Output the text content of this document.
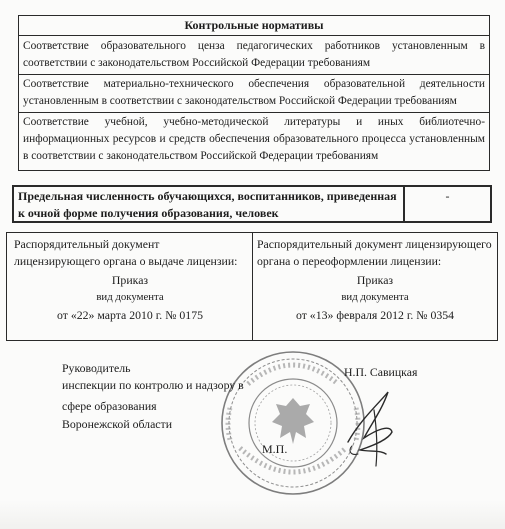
Контрольные нормативы
Соответствие образовательного ценза педагогических работников установленным в соответствии с законодательством Российской Федерации требованиям
Соответствие материально-технического обеспечения образовательной деятельности установленным в соответствии с законодательством Российской Федерации требованиям
Соответствие учебной, учебно-методической литературы и иных библиотечно-информационных ресурсов и средств обеспечения образовательного процесса установленным в соответствии с законодательством Российской Федерации требованиям
Предельная численность обучающихся, воспитанников, приведенная к очной форме получения образования, человек
-
Распорядительный документ
лицензирующего органа о выдаче лицензии:
Приказ
вид документа
от «22» марта 2010 г. № 0175
Распорядительный документ лицензирующего
органа о переоформлении лицензии:
Приказ
вид документа
от «13» февраля 2012 г. № 0354
Руководитель
инспекции по контролю и надзору в
сфере образования
Воронежской области
Н.П. Савицкая
М.П.
